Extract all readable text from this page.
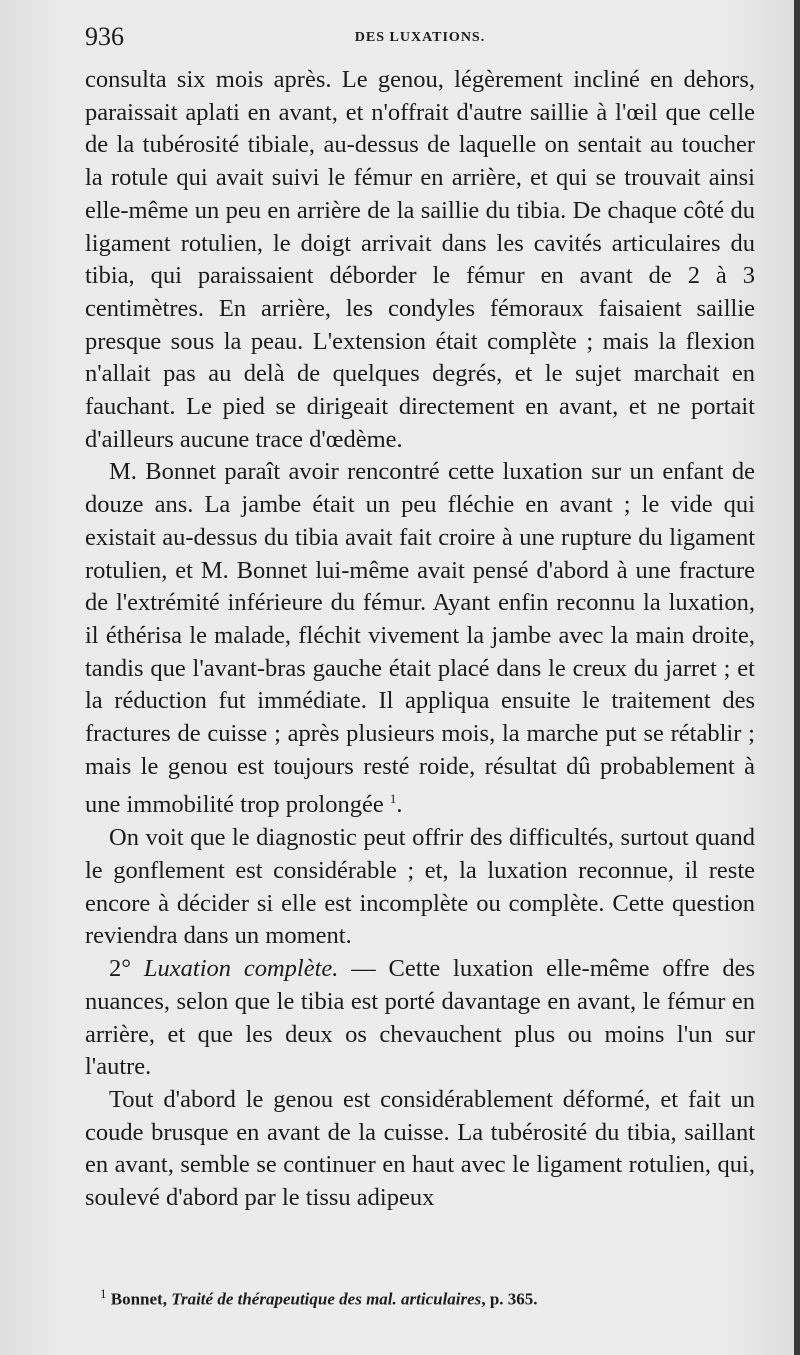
936	DES LUXATIONS.

consulta six mois après. Le genou, légèrement incliné en dehors, paraissait aplati en avant, et n'offrait d'autre saillie à l'œil que celle de la tubérosité tibiale, au-dessus de laquelle on sentait au toucher la rotule qui avait suivi le fémur en arrière, et qui se trouvait ainsi elle-même un peu en arrière de la saillie du tibia. De chaque côté du ligament rotulien, le doigt arrivait dans les cavités articulaires du tibia, qui paraissaient déborder le fémur en avant de 2 à 3 centimètres. En arrière, les condyles fémoraux faisaient saillie presque sous la peau. L'extension était complète ; mais la flexion n'allait pas au delà de quelques degrés, et le sujet marchait en fauchant. Le pied se dirigeait directement en avant, et ne portait d'ailleurs aucune trace d'œdème.

M. Bonnet paraît avoir rencontré cette luxation sur un enfant de douze ans. La jambe était un peu fléchie en avant ; le vide qui existait au-dessus du tibia avait fait croire à une rupture du ligament rotulien, et M. Bonnet lui-même avait pensé d'abord à une fracture de l'extrémité inférieure du fémur. Ayant enfin reconnu la luxation, il éthérisa le malade, fléchit vivement la jambe avec la main droite, tandis que l'avant-bras gauche était placé dans le creux du jarret ; et la réduction fut immédiate. Il appliqua ensuite le traitement des fractures de cuisse ; après plusieurs mois, la marche put se rétablir ; mais le genou est toujours resté roide, résultat dû probablement à une immobilité trop prolongée $^1$.

On voit que le diagnostic peut offrir des difficultés, surtout quand le gonflement est considérable ; et, la luxation reconnue, il reste encore à décider si elle est incomplète ou complète. Cette question reviendra dans un moment.

2° Luxation complète. — Cette luxation elle-même offre des nuances, selon que le tibia est porté davantage en avant, le fémur en arrière, et que les deux os chevauchent plus ou moins l'un sur l'autre.

Tout d'abord le genou est considérablement déformé, et fait un coude brusque en avant de la cuisse. La tubérosité du tibia, saillant en avant, semble se continuer en haut avec le ligament rotulien, qui, soulevé d'abord par le tissu adipeux

$^1$ Bonnet, Traité de thérapeutique des mal. articulaires, p. 365.
